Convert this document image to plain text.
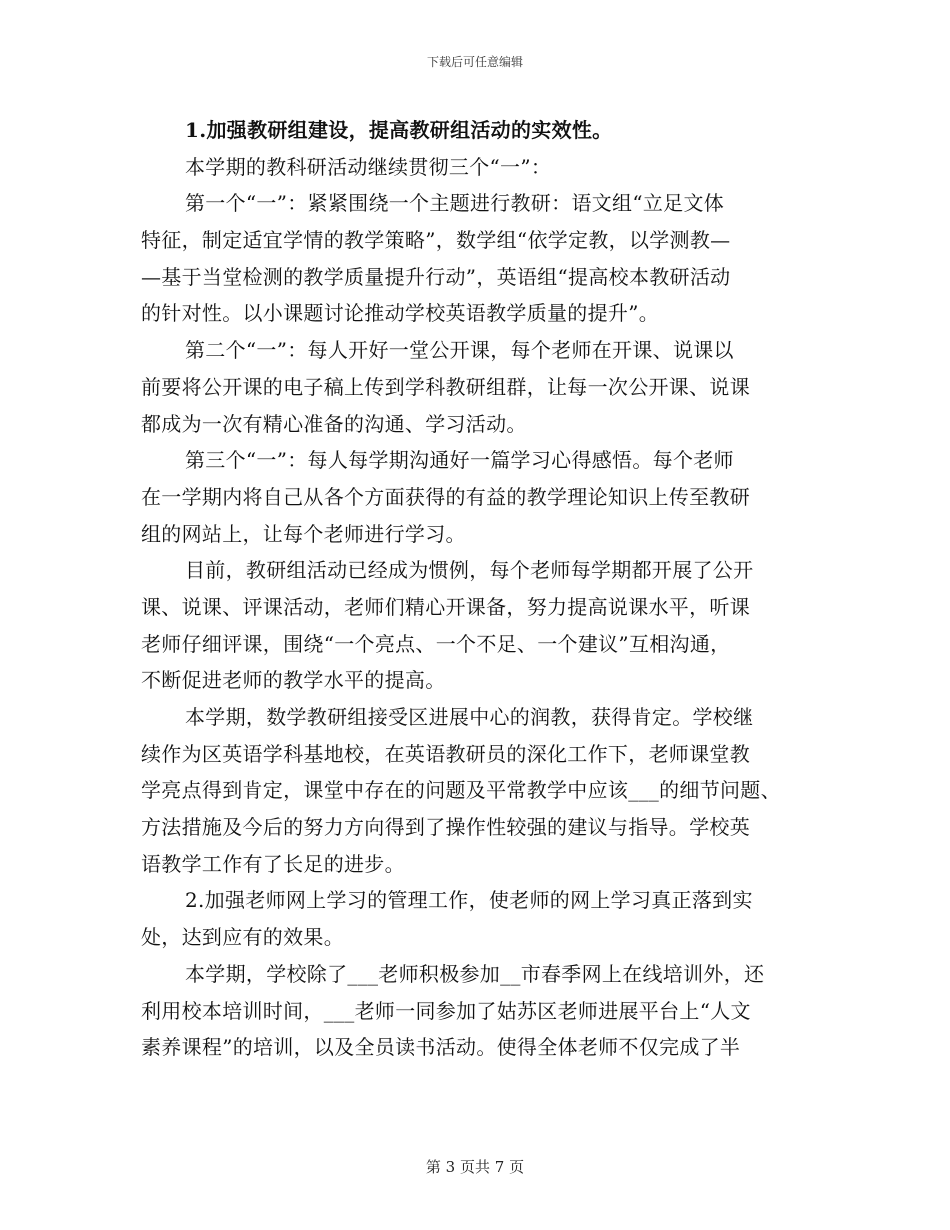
下载后可任意编辑
1.加强教研组建设，提高教研组活动的实效性。
本学期的教科研活动继续贯彻三个“一”：
第一个“一”：紧紧围绕一个主题进行教研：语文组“立足文体
特征，制定适宜学情的教学策略”，数学组“依学定教，以学测教—
—基于当堂检测的教学质量提升行动”，英语组“提高校本教研活动
的针对性。以小课题讨论推动学校英语教学质量的提升”。
第二个“一”：每人开好一堂公开课，每个老师在开课、说课以
前要将公开课的电子稿上传到学科教研组群，让每一次公开课、说课
都成为一次有精心准备的沟通、学习活动。
第三个“一”：每人每学期沟通好一篇学习心得感悟。每个老师
在一学期内将自己从各个方面获得的有益的教学理论知识上传至教研
组的网站上，让每个老师进行学习。
目前，教研组活动已经成为惯例，每个老师每学期都开展了公开
课、说课、评课活动，老师们精心开课备，努力提高说课水平，听课
老师仔细评课，围绕“一个亮点、一个不足、一个建议”互相沟通，
不断促进老师的教学水平的提高。
本学期，数学教研组接受区进展中心的润教，获得肯定。学校继
续作为区英语学科基地校，在英语教研员的深化工作下，老师课堂教
学亮点得到肯定，课堂中存在的问题及平常教学中应该___的细节问题、
方法措施及今后的努力方向得到了操作性较强的建议与指导。学校英
语教学工作有了长足的进步。
2.加强老师网上学习的管理工作，使老师的网上学习真正落到实
处，达到应有的效果。
本学期，学校除了___老师积极参加__市春季网上在线培训外，还
利用校本培训时间，___老师一同参加了姑苏区老师进展平台上“人文
素养课程”的培训，以及全员读书活动。使得全体老师不仅完成了半
第 3 页共 7 页
